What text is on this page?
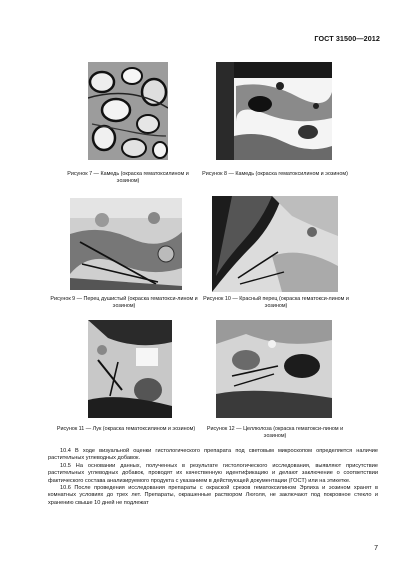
ГОСТ 31500—2012
Рисунок 7 — Камедь (окраска гематоксилином и эозином)
Рисунок 8 — Камедь (окраска гематоксилином и эозином)
Рисунок 9 — Перец душистый (окраска гематокси-лином и эозином)
Рисунок 10 — Красный перец (окраска гематокси-лином и эозином)
Рисунок 11 — Лук (окраска гематоксилином и эозином)	Рисунок 12 — Целлюлоза (окраска гематокси-лином и эозином)

10.4 В ходе визуальной оценки гистологического препарата под световым микроскопом определяется наличие растительных углеводных добавок.

10.5 На основании данных, полученных в результате гистологического исследования, выявляют присутствие растительных углеводных добавок, проводят их качественную идентификацию и делают заключение о соответствии фактического состава анализируемого продукта с указанием в действующей документации (ГОСТ) или на этикетке.

10.6 После проведения исследования препараты с окраской срезов гематоксилином Эрлиха и эозином хранят в комнатных условиях до трех лет. Препараты, окрашенные раствором Люголя, не заключают под покровное стекло и хранению свыше 10 дней не подлежат

7
